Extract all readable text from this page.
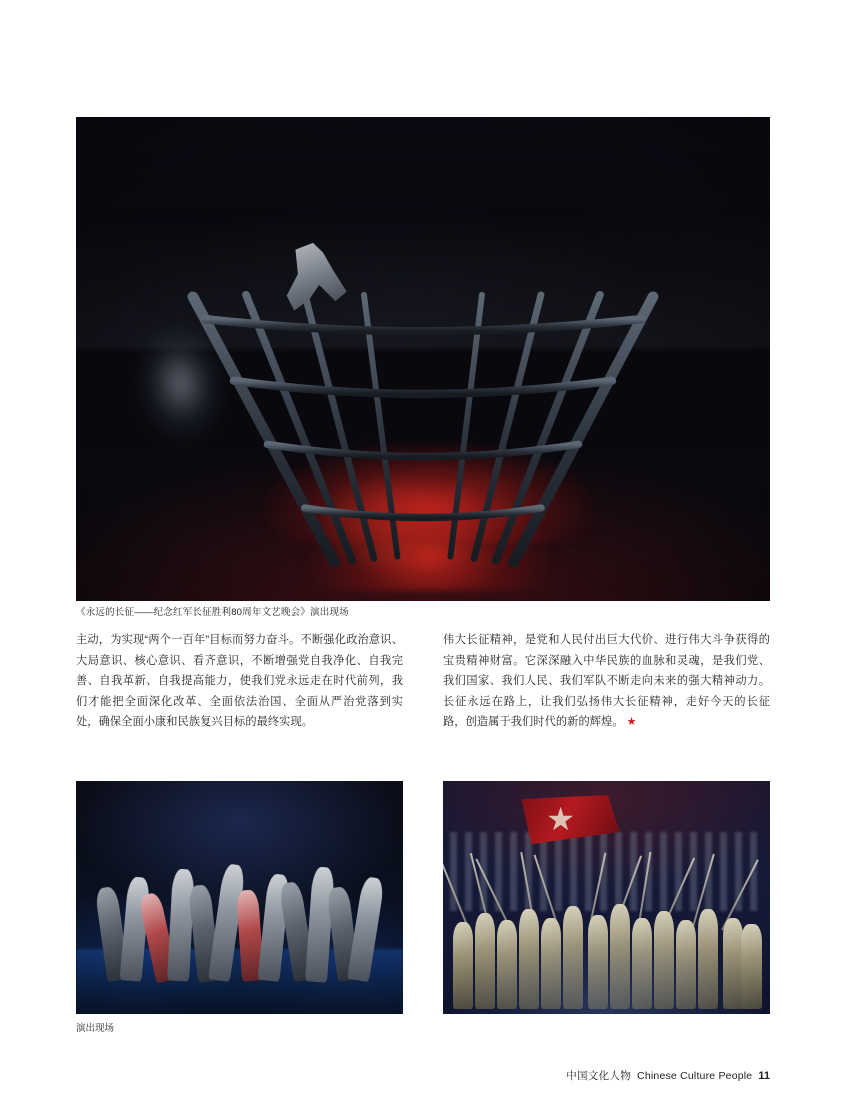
《永远的长征——纪念红军长征胜利80周年文艺晚会》演出现场

主动，为实现“两个一百年”目标而努力奋斗。不断强化政治意识、大局意识、核心意识、看齐意识，不断增强党自我净化、自我完善、自我革新、自我提高能力，使我们党永远走在时代前列，我们才能把全面深化改革、全面依法治国、全面从严治党落到实处，确保全面小康和民族复兴目标的最终实现。

伟大长征精神，是党和人民付出巨大代价、进行伟大斗争获得的宝贵精神财富。它深深融入中华民族的血脉和灵魂，是我们党、我们国家、我们人民、我们军队不断走向未来的强大精神动力。长征永远在路上，让我们弘扬伟大长征精神，走好今天的长征路，创造属于我们时代的新的辉煌。 ★

演出现场
中国文化人物 Chinese Culture People 11
